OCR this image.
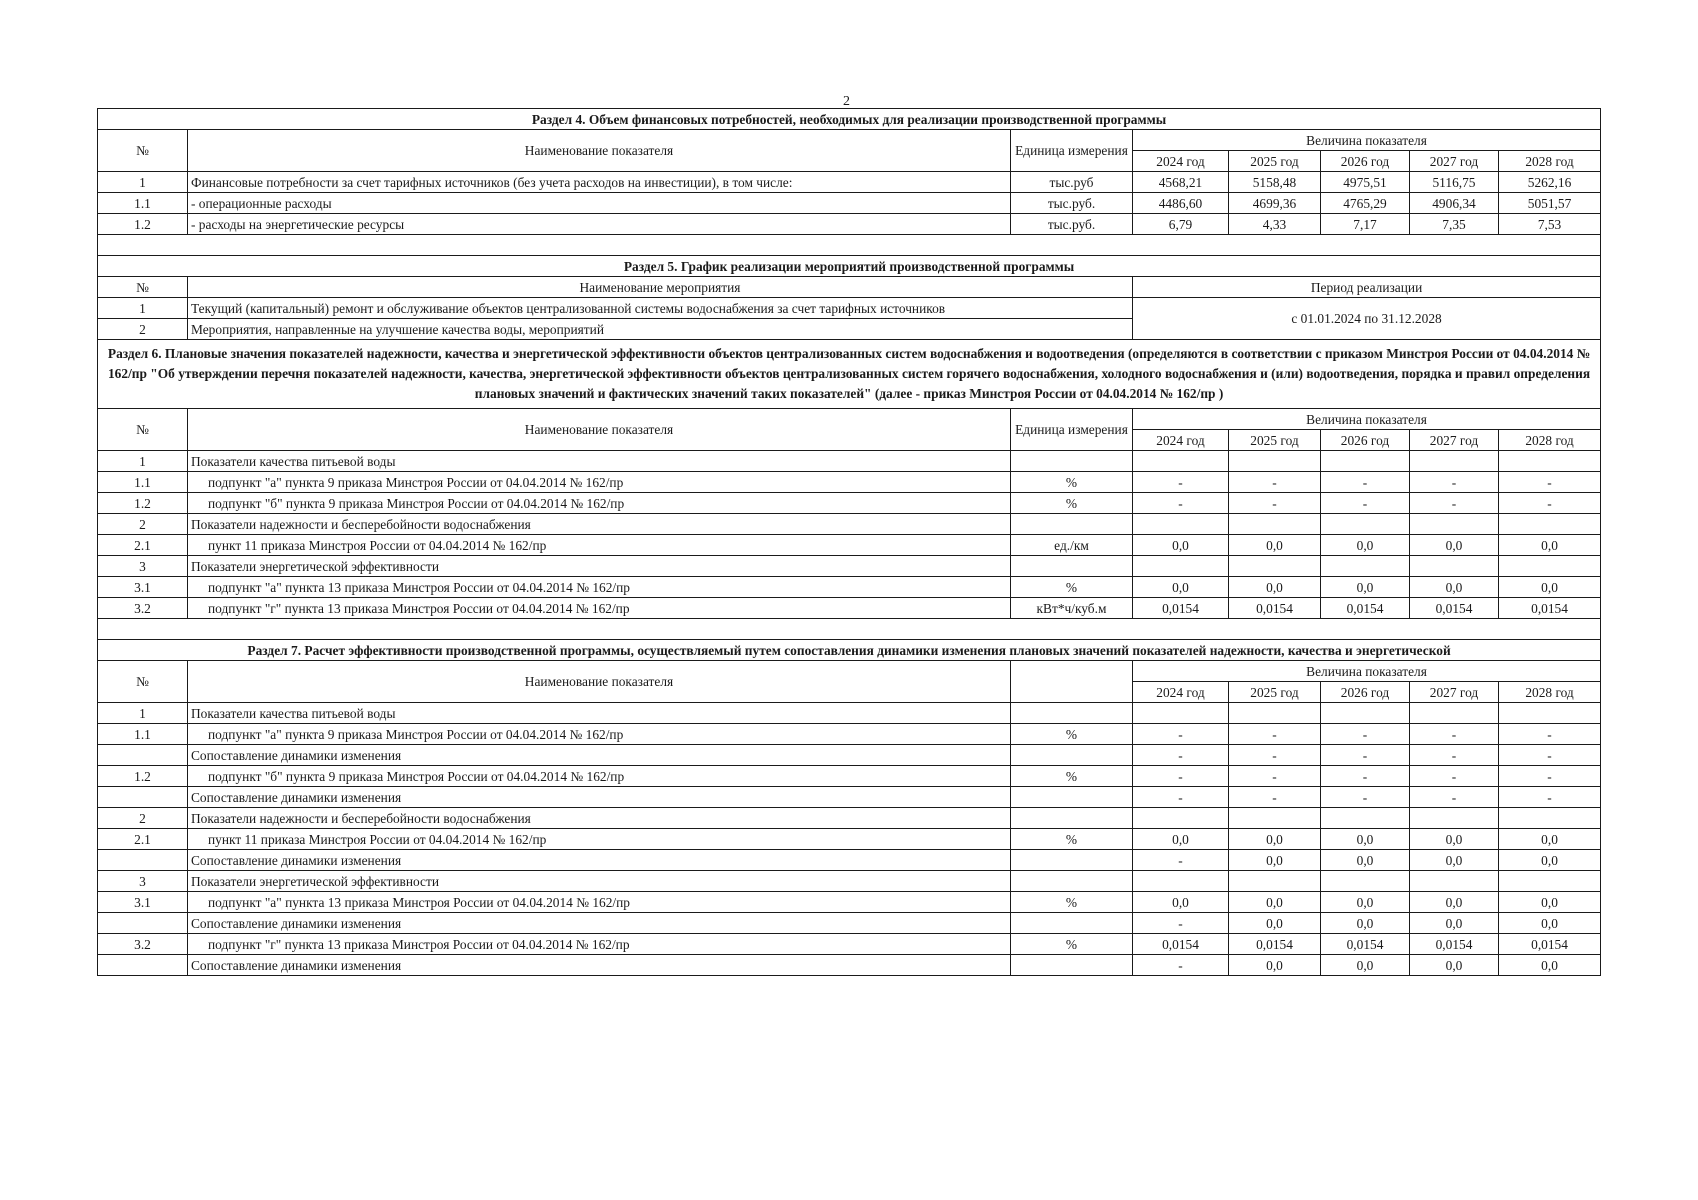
2
Раздел 4. Объем финансовых потребностей, необходимых для реализации производственной программы							
№	Наименование показателя	Единица измерения	Величина показателя				
			2024 год	2025 год	2026 год	2027 год	2028 год
1	Финансовые потребности за счет тарифных источников (без учета расходов на инвестиции), в том числе:	тыс.руб	4568,21	5158,48	4975,51	5116,75	5262,16
1.1	- операционные расходы	тыс.руб.	4486,60	4699,36	4765,29	4906,34	5051,57
1.2	- расходы на энергетические ресурсы	тыс.руб.	6,79	4,33	7,17	7,35	7,53

Раздел 5. График реализации мероприятий производственной программы							
№	Наименование мероприятия		Период реализации				
1	Текущий (капитальный) ремонт и обслуживание объектов централизованной системы водоснабжения за счет тарифных источников		с 01.01.2024 по 31.12.2028				
2	Мероприятия, направленные на улучшение качества воды, мероприятий						
Раздел 6. Плановые значения показателей надежности, качества и энергетической эффективности объектов централизованных систем водоснабжения и водоотведения (определяются в соответствии с приказом Минстроя России от 04.04.2014 № 162/пр "Об утверждении перечня показателей надежности, качества, энергетической эффективности объектов централизованных систем горячего водоснабжения, холодного водоснабжения и (или) водоотведения, порядка и правил определения плановых значений и фактических значений таких показателей" (далее - приказ Минстроя России от 04.04.2014 № 162/пр )							
№	Наименование показателя	Единица измерения	Величина показателя				
			2024 год	2025 год	2026 год	2027 год	2028 год
1	Показатели качества питьевой воды						
1.1	подпункт "а" пункта 9 приказа Минстроя России от 04.04.2014 № 162/пр	%	-	-	-	-	-
1.2	подпункт "б" пункта 9 приказа Минстроя России от 04.04.2014 № 162/пр	%	-	-	-	-	-
2	Показатели надежности и бесперебойности водоснабжения						
2.1	пункт 11 приказа Минстроя России от 04.04.2014 № 162/пр	ед./км	0,0	0,0	0,0	0,0	0,0
3	Показатели энергетической эффективности						
3.1	подпункт "а" пункта 13 приказа Минстроя России от 04.04.2014 № 162/пр	%	0,0	0,0	0,0	0,0	0,0
3.2	подпункт "г" пункта 13 приказа Минстроя России от 04.04.2014 № 162/пр	кВт*ч/куб.м	0,0154	0,0154	0,0154	0,0154	0,0154

Раздел 7. Расчет эффективности производственной программы, осуществляемый путем сопоставления динамики изменения плановых значений показателей надежности, качества и энергетической							
№	Наименование показателя		Величина показателя				
			2024 год	2025 год	2026 год	2027 год	2028 год
1	Показатели качества питьевой воды						
1.1	подпункт "а" пункта 9 приказа Минстроя России от 04.04.2014 № 162/пр	%	-	-	-	-	-
	Сопоставление динамики изменения		-	-	-	-	-
1.2	подпункт "б" пункта 9 приказа Минстроя России от 04.04.2014 № 162/пр	%	-	-	-	-	-
	Сопоставление динамики изменения		-	-	-	-	-
2	Показатели надежности и бесперебойности водоснабжения						
2.1	пункт 11 приказа Минстроя России от 04.04.2014 № 162/пр	%	0,0	0,0	0,0	0,0	0,0
	Сопоставление динамики изменения		-	0,0	0,0	0,0	0,0
3	Показатели энергетической эффективности						
3.1	подпункт "а" пункта 13 приказа Минстроя России от 04.04.2014 № 162/пр	%	0,0	0,0	0,0	0,0	0,0
	Сопоставление динамики изменения		-	0,0	0,0	0,0	0,0
3.2	подпункт "г" пункта 13 приказа Минстроя России от 04.04.2014 № 162/пр	%	0,0154	0,0154	0,0154	0,0154	0,0154
	Сопоставление динамики изменения		-	0,0	0,0	0,0	0,0
